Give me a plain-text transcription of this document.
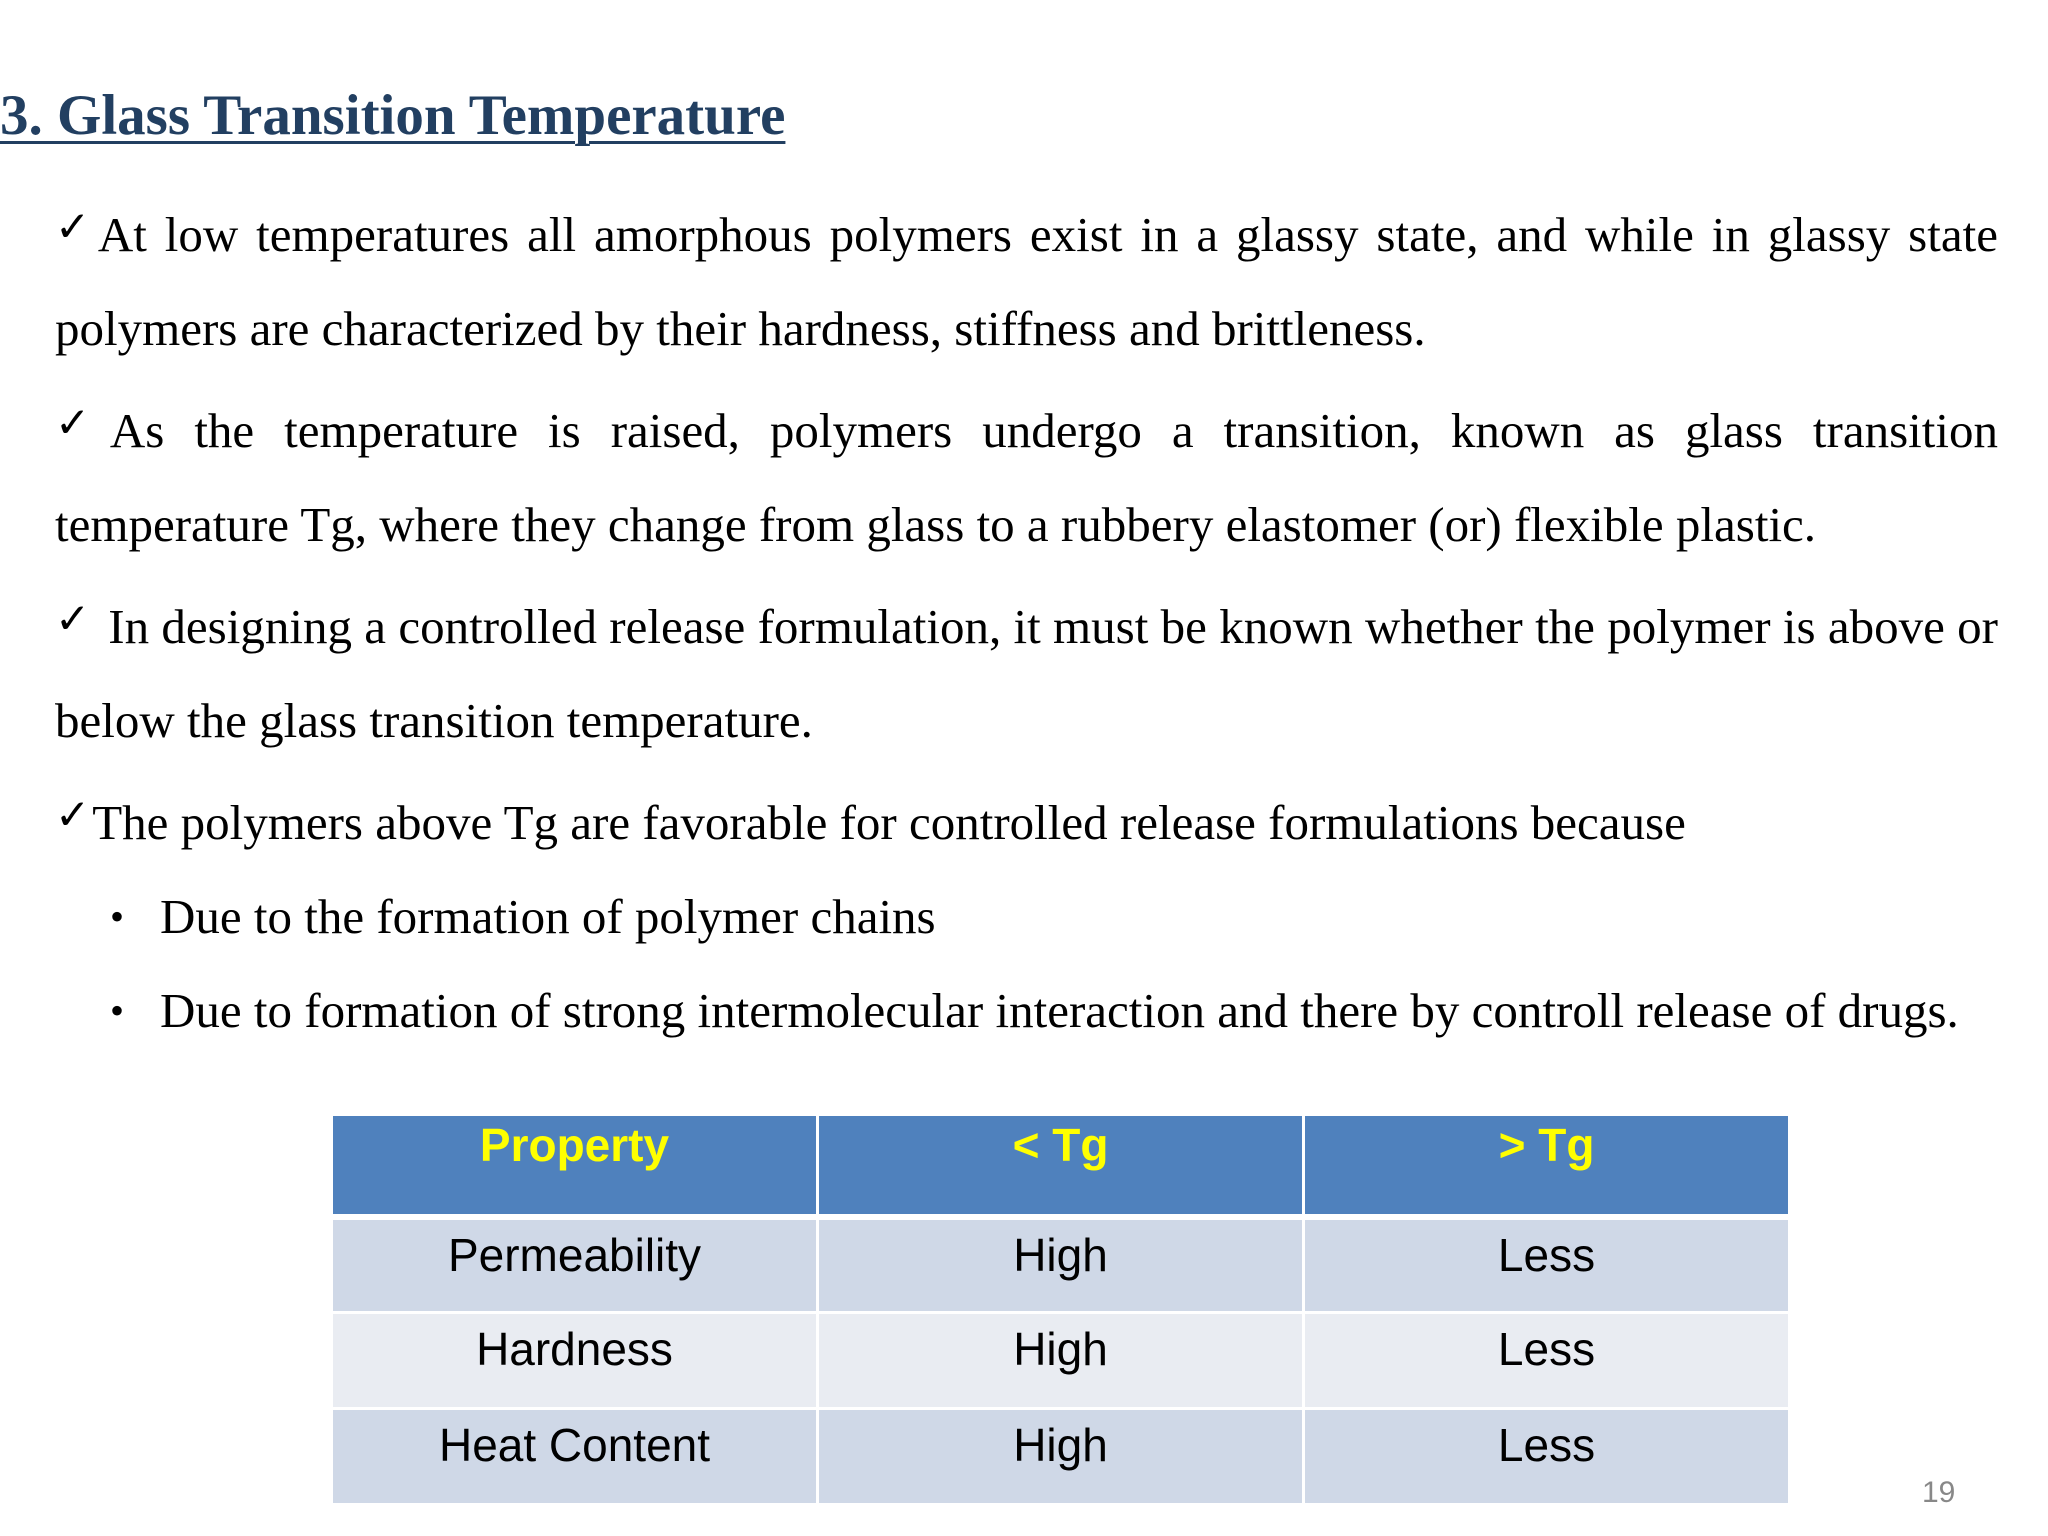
3. Glass Transition Temperature

✓At low temperatures all amorphous polymers exist in a glassy state, and while in glassy state polymers are characterized by their hardness, stiffness and brittleness.

✓As the temperature is raised, polymers undergo a transition, known as glass transition temperature Tg, where they change from glass to a rubbery elastomer (or) flexible plastic.

✓ In designing a controlled release formulation, it must be known whether the polymer is above or below the glass transition temperature.

✓The polymers above Tg are favorable for controlled release formulations because

• Due to the formation of polymer chains
• Due to formation of strong intermolecular interaction and there by controll release of drugs.
Property	< Tg	> Tg
Permeability	High	Less
Hardness	High	Less
Heat Content	High	Less
19
